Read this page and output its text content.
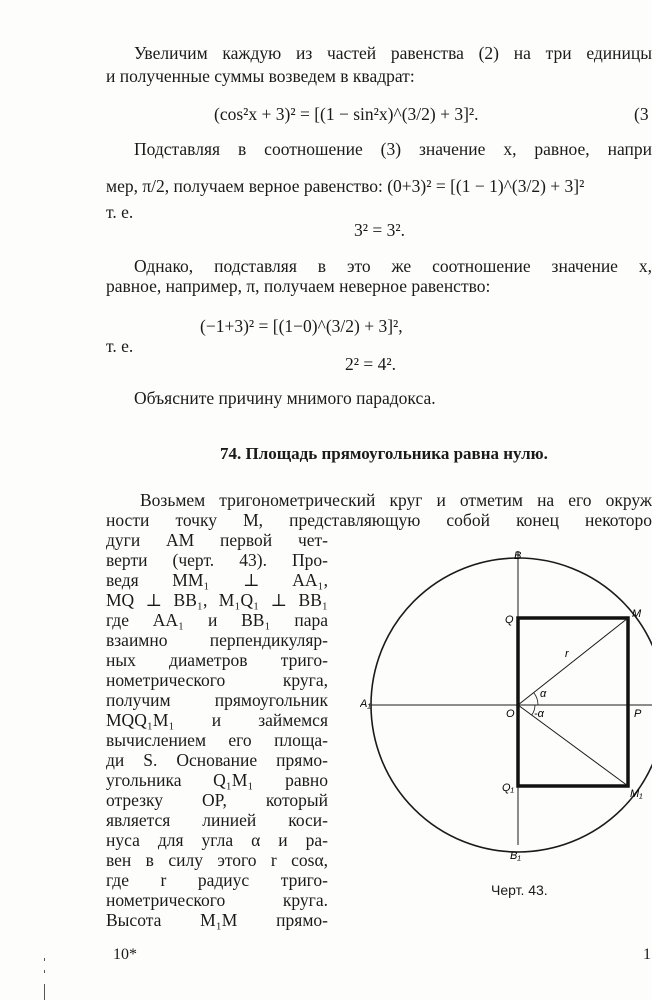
Увеличим каждую из частей равенства (2) на три единицы
и полученные суммы возведем в квадрат:
(cos²x + 3)² = [(1 − sin²x)^(3/2) + 3]².	(3
Подставляя в соотношение (3) значение x, равное, напри
мер, π/2, получаем верное равенство: (0+3)² = [(1 − 1)^(3/2) + 3]²
т. е.
3² = 3².
Однако, подставляя в это же соотношение значение x,
равное, например, π, получаем неверное равенство:
(−1+3)² = [(1−0)^(3/2) + 3]²,
т. е.
2² = 4².
Объясните причину мнимого парадокса.
74. Площадь прямоугольника равна нулю.
Возьмем тригонометрический круг и отметим на его окруж
ности точку M, представляющую собой конец некоторо
дуги AM первой чет-
верти (черт. 43). Про-
ведя MM₁ ⊥ AA₁,
MQ ⊥ BB₁, M₁Q₁ ⊥ BB₁
где AA₁ и BB₁ пара
взаимно перпендикуляр-
ных диаметров триго-
нометрического круга,
получим прямоугольник
MQQ₁M₁ и займемся
вычислением его площа-
ди S. Основание прямо-
угольника Q₁M₁ равно
отрезку OP, который
является линией коси-
нуса для угла α и ра-
вен в силу этого r cosα,
где r радиус триго-
нометрического круга.
Высота M₁M прямо-
B
B₁
A₁
Q
Q₁
M
M₁
O	P
r
α
-α
Черт. 43.
10*	1
